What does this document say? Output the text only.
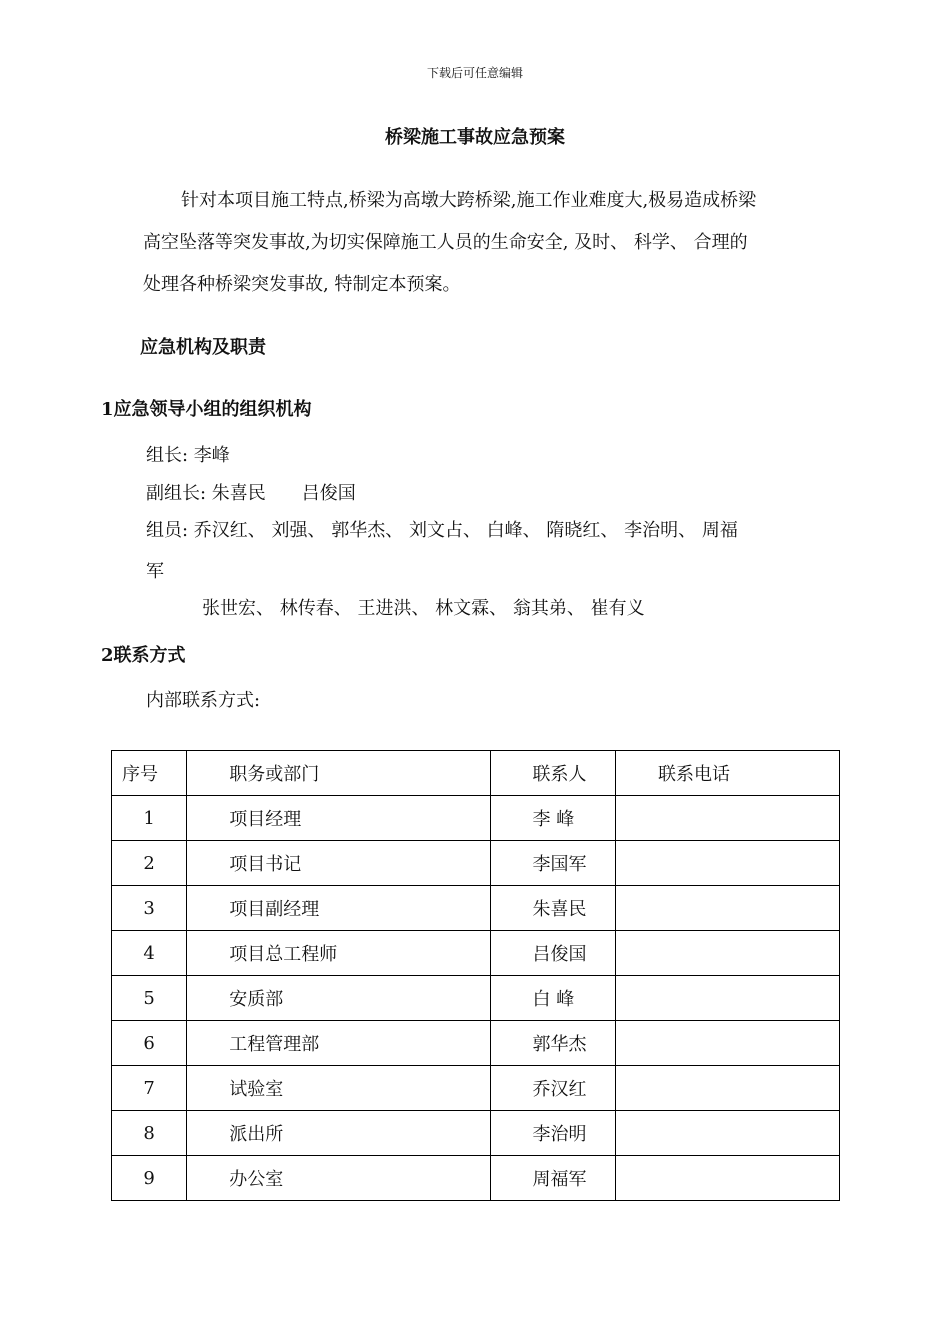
下载后可任意编辑
桥梁施工事故应急预案
针对本项目施工特点,桥梁为高墩大跨桥梁,施工作业难度大,极易造成桥梁
高空坠落等突发事故,为切实保障施工人员的生命安全, 及时、 科学、 合理的
处理各种桥梁突发事故, 特制定本预案。
应急机构及职责
1应急领导小组的组织机构
组长: 李峰
副组长: 朱喜民　　吕俊国
组员: 乔汉红、 刘强、 郭华杰、 刘文占、 白峰、 隋晓红、 李治明、 周福
军
张世宏、 林传春、 王进洪、 林文霖、 翁其弟、 崔有义
2联系方式
内部联系方式:
序号	职务或部门	联系人	联系电话
1	项目经理	李 峰	
2	项目书记	李国军	
3	项目副经理	朱喜民	
4	项目总工程师	吕俊国	
5	安质部	白 峰	
6	工程管理部	郭华杰	
7	试验室	乔汉红	
8	派出所	李治明	
9	办公室	周福军	
